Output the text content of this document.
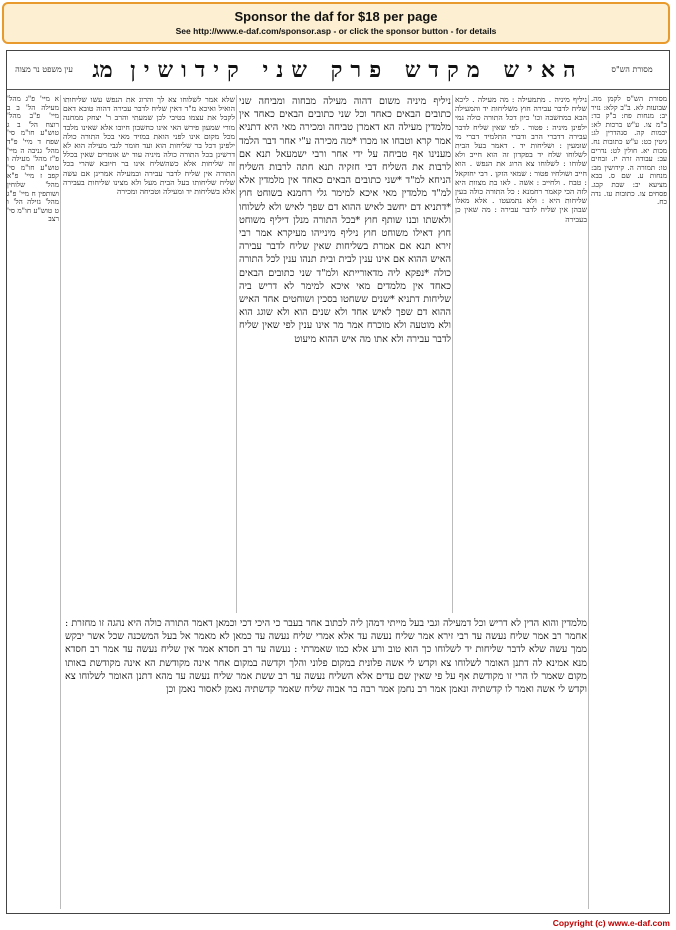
Sponsor the daf for $18 per page
See http://www.e-daf.com/sponsor.asp - or click the sponsor button - for details
מסורת הש"ס
האיש מקדש פרק שני קידושין
מג
עין משפט נר מצוה

מסורת הש"ס לקמן מה. שבועות לא. ב"ב קלא: נזיר יב: מנחות פח: ב"ק כד: ב"מ צו. ע"ש ברכות לא: יבמות קה. סנהדרין לג: גיטין כט: ע"ש כתובות נח. מכות יא. חולין לט: נדרים עב: עבודה זרה יז. זבחים טו: תמורה ה. קידושין מב: מנחות ע. שם ס. בבא מציעא יב: שבת קכג. פסחים צו. כתובות עז. נדה כח.

ניליף מיניה . מתמעילה : מה מעילה . ליכא שליח לדבר עבירה חוץ משליחות יד והמעילה הבא במחשבה וכו' כיון דכל התורה כולה נמי ילפינן מיניה : פטור . לפי שאין שליח לדבר עבירה דדברי הרב ודברי התלמיד דברי מי שומעין : ושליחות יד . דאמר בעל הבית לשלוחו שלח יד בפקדון זה הוא חייב ולא שלוחו : לשלוחו צא הרוג את הנפש . הוא חייב ושולחיו פטור : שמאי הזקן . רבי יחזקאל : טבח . ולחייב : אשה . לאו בת מצוות היא לזה הכי קאמר רחמנא : כל התורה כולה בעין שליחות היא : ולא נתמעטו . אלא מאלו שבהן אין שליח לדבר עבירה : מה שאין כן בעבירה

ניליף מיניה משום דהוה מעילה מבחוה ומביחה שני כתובים הבאים כאחד וכל שני כתובים הבאים כאחד אין מלמדין מעילה הא דאמרן טביחה ומכירה מאי היא דתניא אמר קרא וטבחו או מכרו *מה מכירה ע"י אחר דבר הלמד מענינו אף טביחה על ידי אחר ורבי ישמעאל תנא אם לרבות את השליח דבי חזקיה תנא חתה לרבות השליח הניחא למ"ד *שני כתובים הבאים כאחד אין מלמדין אלא למ"ד מלמדין מאי איכא למימר גלי רחמנא בשוחט חוץ *דתניא דם יחשב לאיש ההוא דם שפך לאיש ולא לשלוחו ולאשתו ובנו שותף חוץ *בכל התורה מנלן דיליף משוחט חוץ דאילו משוחט חוץ ניליף מינייהו מעיקרא אמר רבי זירא תנא אם אמרת בשליחות שאין שליח לדבר עבירה האיש ההוא אם אינו ענין לבית ובית תנהו ענין לכל התורה כולה *נפקא ליה מדאורייתא ולמ"ד שני כתובים הבאים כאחד אין מלמדים מאי איכא למימר לא דריש ביה שליחות דתניא *שנים ששחטו בסכין ושוחטים אחד האיש ההוא דם שפך לאיש אחד ולא שנים הוא ולא שוגג הוא ולא מוטעה ולא מוכרח אמר מר אינו ענין לפי שאין שליח לדבר עבירה ולא אתו מה איש ההוא מיעוט

שלא אמר לשלוחו צא לך והרוג את הנפש עשו שליחותו הואיל ואיכא מ"ד דאין שליח לדבר עבירה דהוה טובא דאם לקבל את עצמו בטיבי לכן שמעתי והרב ר' יצחק ממחנה מורי שמעון פירש האי אינו כחשבון חיובו אלא שאינו מלבד מכל מקום אינו לפני הואת במזיד מאי בכל התורה כולה ילפינן דכל בר שליחות הוא ועד חומר לגבי מעילה הוא לא דרשינן בכל התורה כולה מיניה עוד יש אומרים שאין בכלל זה שליחות אלא כשהשליח אינו בר חיובא שהרי בכל התורה אין שליח לדבר עבירה ובמעילה אמרינן אם עשה שליח שליחותו בעל הבית מעל ולא מצינו שליחות בעבירה אלא בשליחות יד ומעילה וטביחה ומכירה

א מיי' פ"ג מהל' מעילה הל' ב ב מיי' פ"ב מהל' רוצח הל' ב ג טוש"ע חו"מ סי' שפח ד מיי' פ"ד מהל' גניבה ה מיי' פ"ז מהל' מעילה ו טוש"ע חו"מ סי' קפב ז מיי' פ"א מהל' שלוחין ושותפין ח מיי' פ"ג מהל' גזילה הל' ו ט טוש"ע חו"מ סי' רצב

מלמדין והוא הדין לא דריש וכל דמעילה וגבי בעל מייתי דמהן ליה לכתוב אחד בעבר כי היכי דכי וכמאן דאמר התורה כולה היא נהגה זו מחזרת : אחמר רב אמר שליח נעשה עד רבי זירא אמר שליח נעשה עד אלא אמרי שליח נעשה עד כמאן לא מאמר אל בעל המשכנה שכל אשר יבקש ממך עשה שלא לדבר שליחות יד לשלוחו כך הוא טוב ורע אלא כמו שאמרתי : נעשה עד רב חסדא אמר אין שליח נעשה עד אמר רב חסדא מנא אמינא לה דתנן האומר לשלוחו צא וקדש לי אשה פלונית במקום פלוני והלך וקדשה במקום אחר אינה מקודשת הא אינה מקודשת באותו מקום שאמר לו הרי זו מקודשת אף על פי שאין שם עדים אלא השליח נעשה עד רב ששת אמר שליח נעשה עד מהא דתנן האומר לשלוחו צא וקדש לי אשה ואמר לו קדשתיה ונאמן אמר רב נחמן אמר רבה בר אבוה שליח שאמר קדשתיה נאמן לאסור נאמן וכן

Copyright (c) www.e-daf.com
